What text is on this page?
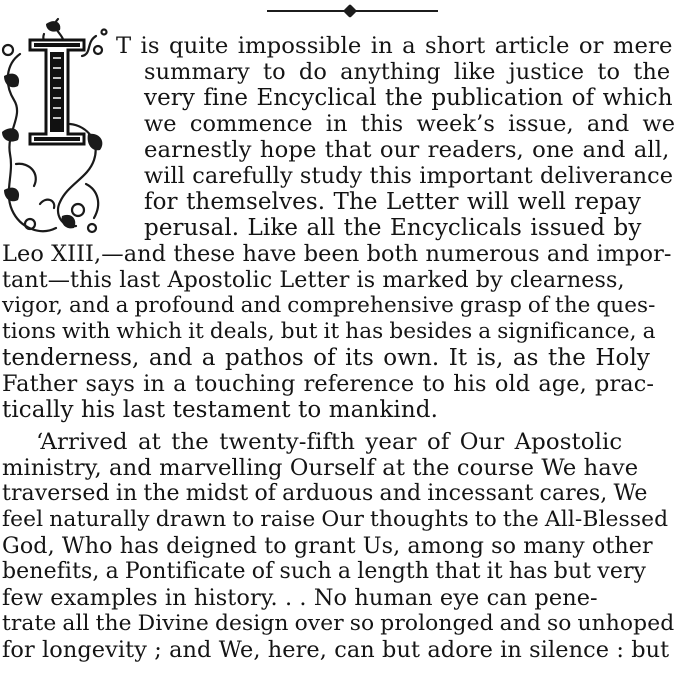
T is quite impossible in a short article or mere
summary to do anything like justice to the
very fine Encyclical the publication of which
we commence in this week’s issue, and we
earnestly hope that our readers, one and all,
will carefully study this important deliverance
for themselves. The Letter will well repay
perusal. Like all the Encyclicals issued by
Leo XIII,—and these have been both numerous and impor-
tant—this last Apostolic Letter is marked by clearness,
vigor, and a profound and comprehensive grasp of the ques-
tions with which it deals, but it has besides a significance, a
tenderness, and a pathos of its own. It is, as the Holy
Father says in a touching reference to his old age, prac-
tically his last testament to mankind.
‘Arrived at the twenty-fifth year of Our Apostolic
ministry, and marvelling Ourself at the course We have
traversed in the midst of arduous and incessant cares, We
feel naturally drawn to raise Our thoughts to the All-Blessed
God, Who has deigned to grant Us, among so many other
benefits, a Pontificate of such a length that it has but very
few examples in history. . . No human eye can pene-
trate all the Divine design over so prolonged and so unhoped
for longevity ; and We, here, can but adore in silence : but
